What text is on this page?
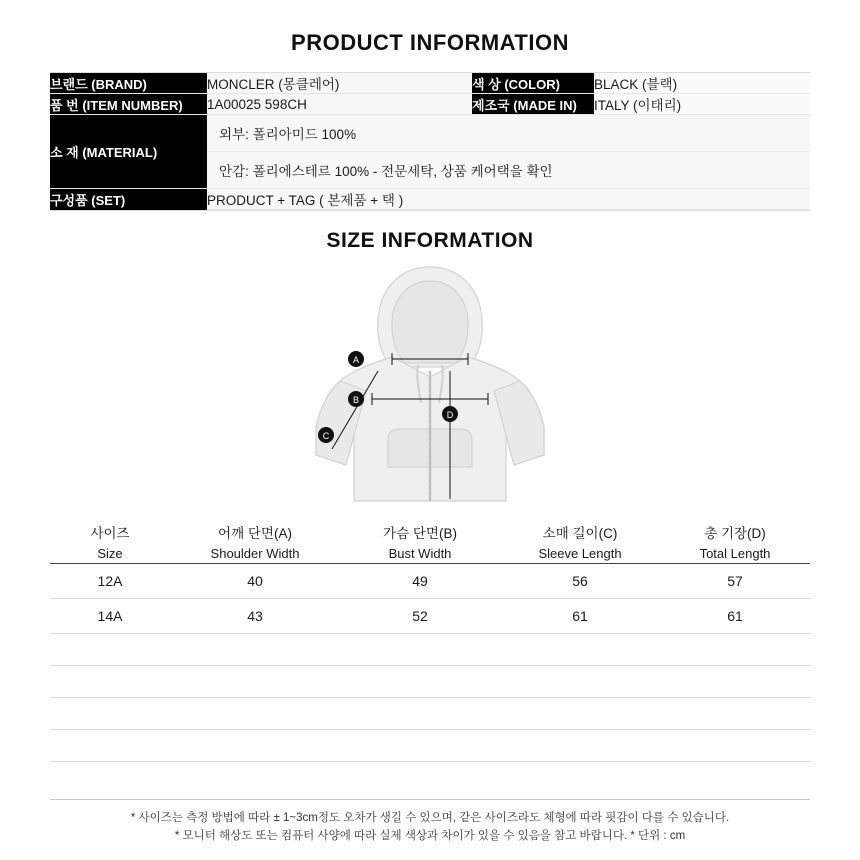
PRODUCT INFORMATION
브랜드 (BRAND)	MONCLER (몽클레어)	색 상 (COLOR)	BLACK (블랙)
품 번 (ITEM NUMBER)	1A00025 598CH	제조국 (MADE IN)	ITALY (이태리)
소 재 (MATERIAL)	외부: 폴리아미드 100%
안감: 폴리에스테르 100% - 전문세탁, 상품 케어택을 확인		

구성품 (SET)	PRODUCT + TAG ( 본제품 + 택 )		
SIZE INFORMATION
A
B
C
D
사이즈	어깨 단면(A)	가슴 단면(B)	소매 길이(C)	총 기장(D)
Size	Shoulder Width	Bust Width	Sleeve Length	Total Length
12A	40	49	56	57
14A	43	52	61	61

* 사이즈는 측정 방법에 따라 ± 1~3cm정도 오차가 생길 수 있으며, 같은 사이즈라도 체형에 따라 핏감이 다를 수 있습니다.
* 모니터 해상도 또는 컴퓨터 사양에 따라 실제 색상과 차이가 있을 수 있음을 참고 바랍니다. * 단위 : cm
